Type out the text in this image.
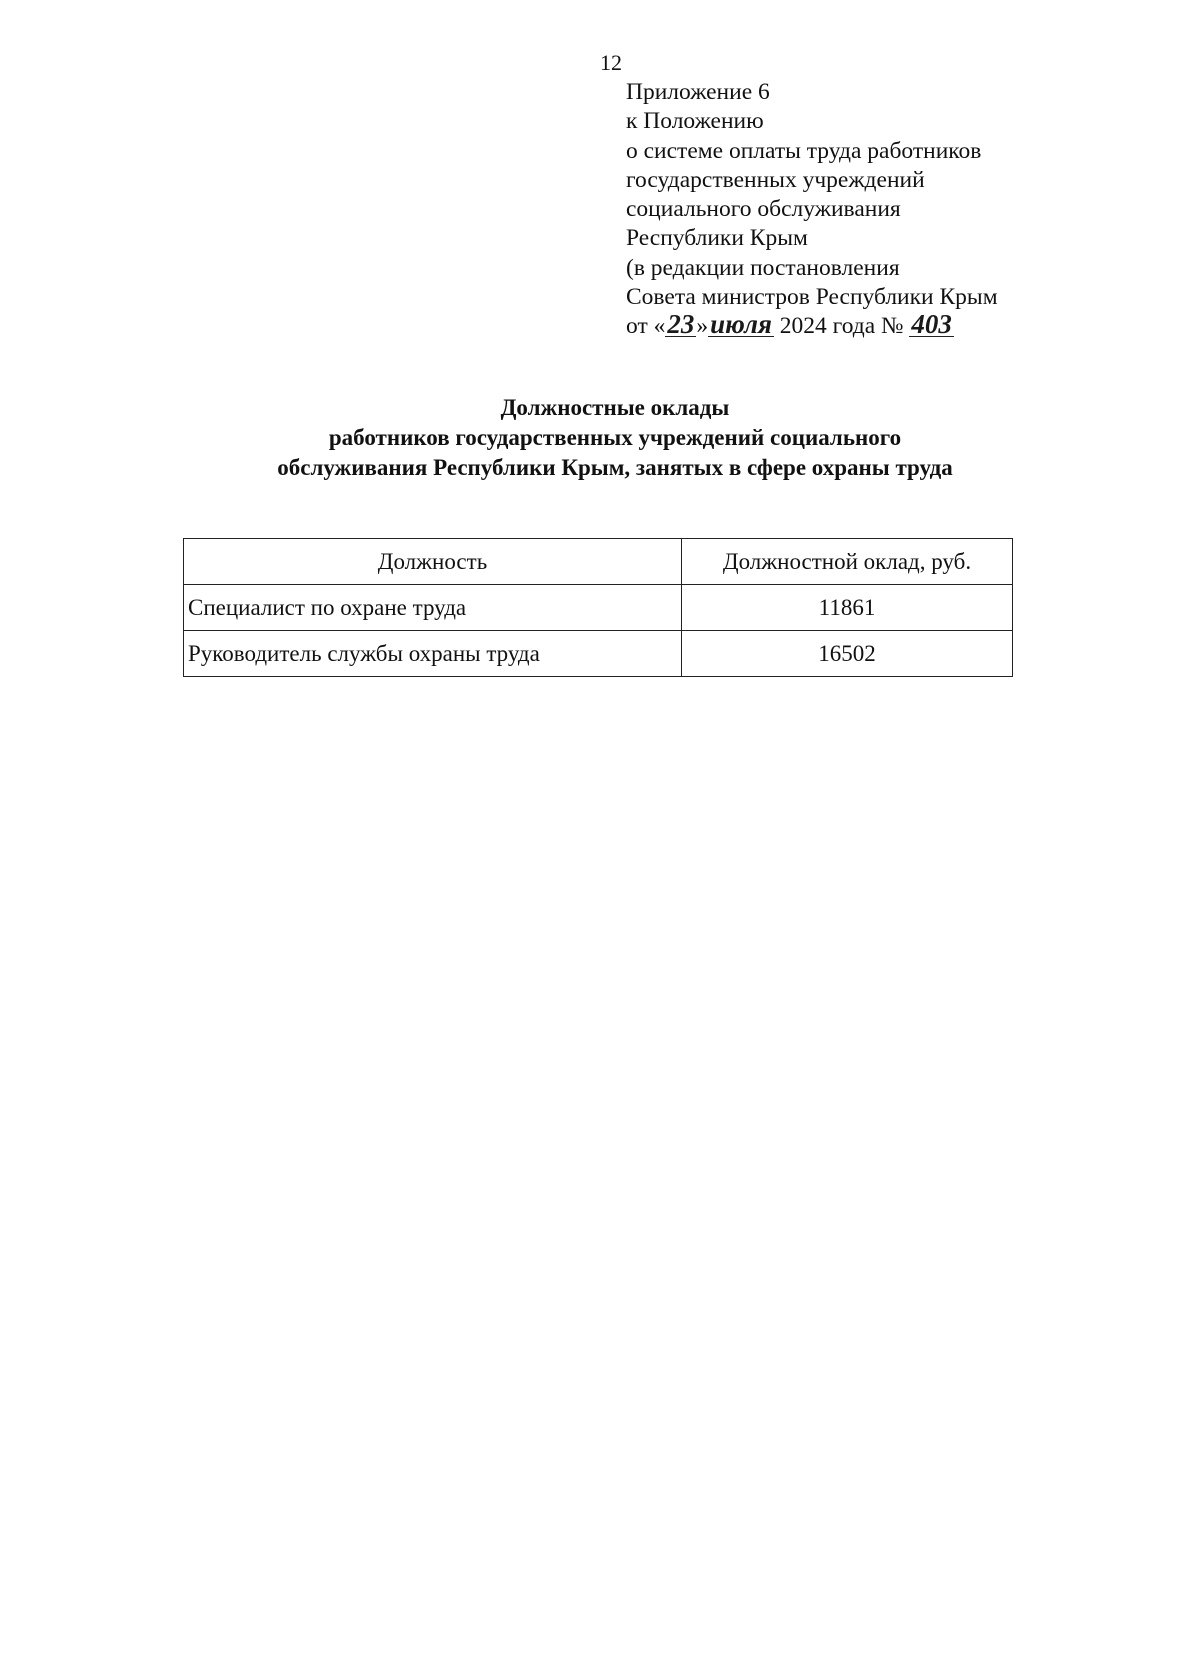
12
Приложение 6
к Положению
о системе оплаты труда работников
государственных учреждений
социального обслуживания
Республики Крым
(в редакции постановления
Совета министров Республики Крым
от «23»июля 2024 года № 403
Должностные оклады
работников государственных учреждений социального
обслуживания Республики Крым, занятых в сфере охраны труда
Должность	Должностной оклад, руб.
Специалист по охране труда	11861
Руководитель службы охраны труда	16502
